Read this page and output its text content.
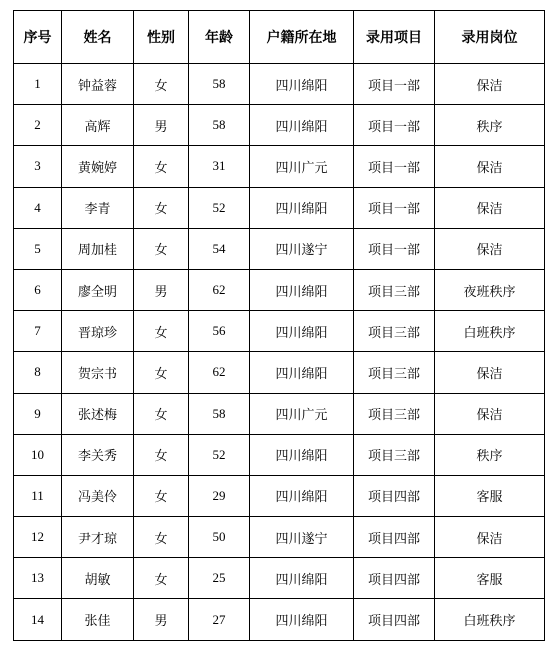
序号	姓名	性别	年龄	户籍所在地	录用项目	录用岗位
1	钟益蓉	女	58	四川绵阳	项目一部	保洁
2	高辉	男	58	四川绵阳	项目一部	秩序
3	黄婉婷	女	31	四川广元	项目一部	保洁
4	李青	女	52	四川绵阳	项目一部	保洁
5	周加桂	女	54	四川遂宁	项目一部	保洁
6	廖全明	男	62	四川绵阳	项目三部	夜班秩序
7	晋琼珍	女	56	四川绵阳	项目三部	白班秩序
8	贺宗书	女	62	四川绵阳	项目三部	保洁
9	张述梅	女	58	四川广元	项目三部	保洁
10	李关秀	女	52	四川绵阳	项目三部	秩序
11	冯美伶	女	29	四川绵阳	项目四部	客服
12	尹才琼	女	50	四川遂宁	项目四部	保洁
13	胡敏	女	25	四川绵阳	项目四部	客服
14	张佳	男	27	四川绵阳	项目四部	白班秩序
